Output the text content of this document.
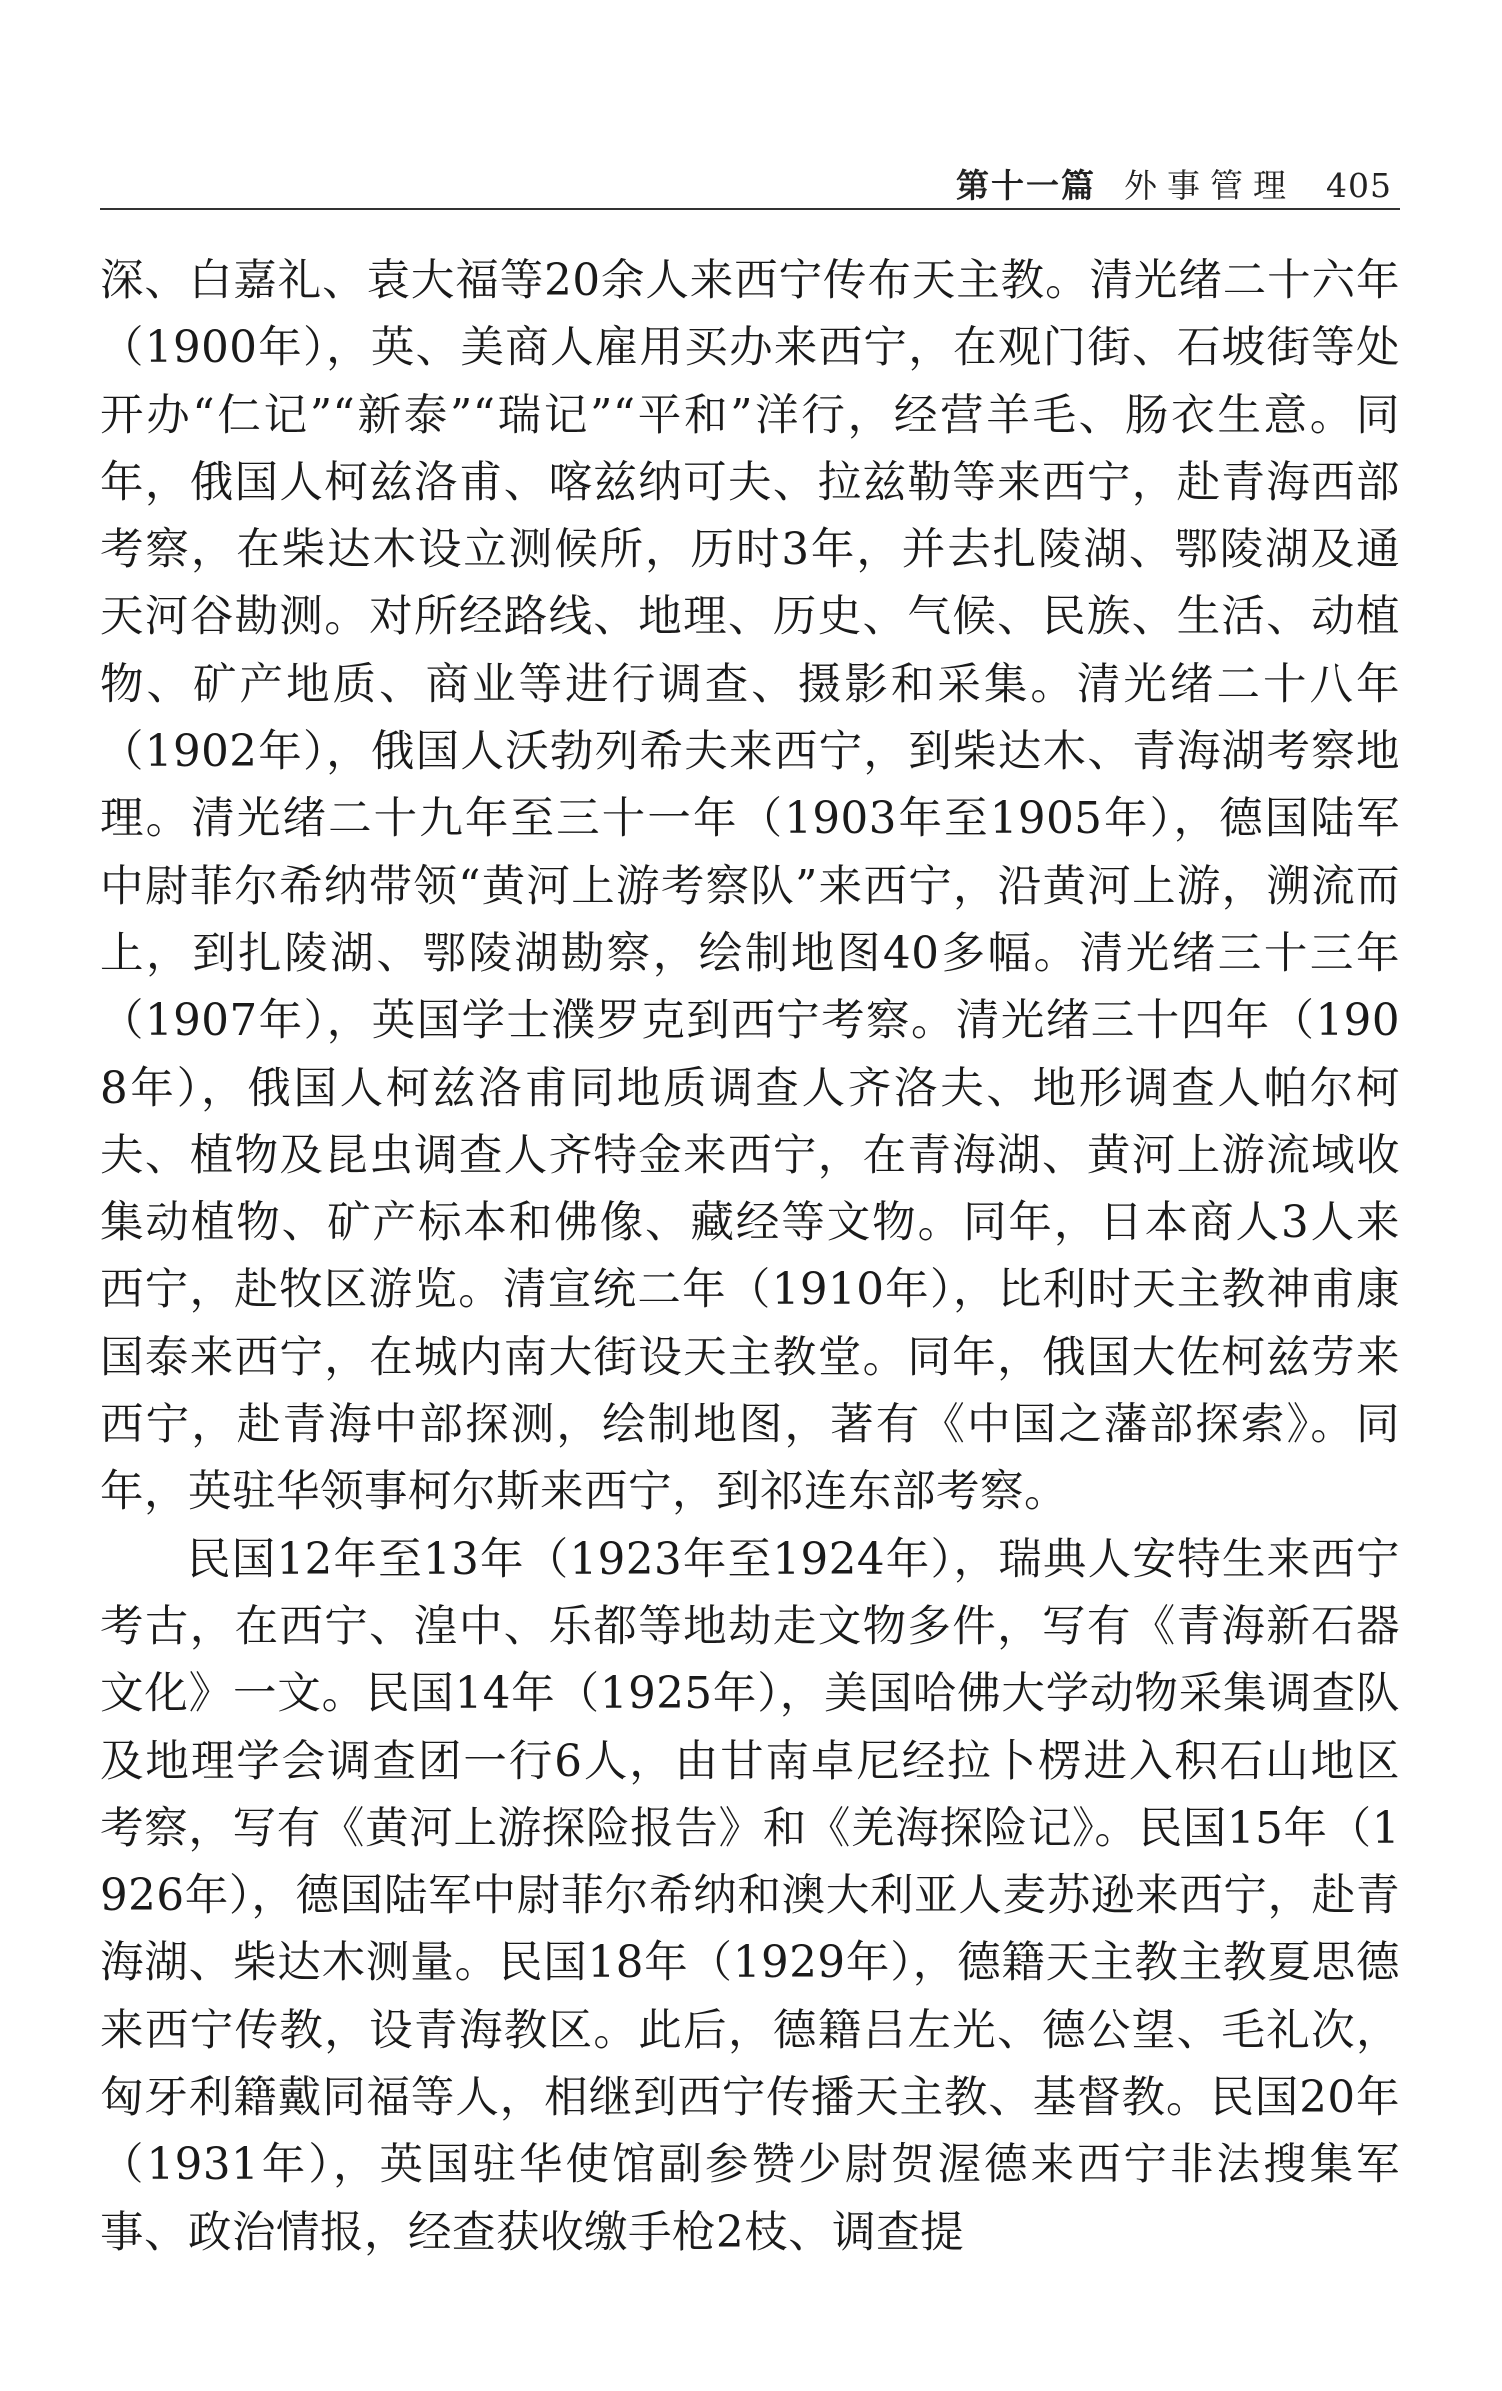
第十一篇 外事管理 405

深、白嘉礼、袁大福等20余人来西宁传布天主教。清光绪二十六年（1900年），英、美商人雇用买办来西宁，在观门街、石坡街等处开办“仁记”“新泰”“瑞记”“平和”洋行，经营羊毛、肠衣生意。同年，俄国人柯兹洛甫、喀兹纳可夫、拉兹勒等来西宁，赴青海西部考察，在柴达木设立测候所，历时3年，并去扎陵湖、鄂陵湖及通天河谷勘测。对所经路线、地理、历史、气候、民族、生活、动植物、矿产地质、商业等进行调查、摄影和采集。清光绪二十八年（1902年），俄国人沃勃列希夫来西宁，到柴达木、青海湖考察地理。清光绪二十九年至三十一年（1903年至1905年），德国陆军中尉菲尔希纳带领“黄河上游考察队”来西宁，沿黄河上游，溯流而上，到扎陵湖、鄂陵湖勘察，绘制地图40多幅。清光绪三十三年（1907年），英国学士濮罗克到西宁考察。清光绪三十四年（1908年），俄国人柯兹洛甫同地质调查人齐洛夫、地形调查人帕尔柯夫、植物及昆虫调查人齐特金来西宁，在青海湖、黄河上游流域收集动植物、矿产标本和佛像、藏经等文物。同年，日本商人3人来西宁，赴牧区游览。清宣统二年（1910年），比利时天主教神甫康国泰来西宁，在城内南大街设天主教堂。同年，俄国大佐柯兹劳来西宁，赴青海中部探测，绘制地图，著有《中国之藩部探索》。同年，英驻华领事柯尔斯来西宁，到祁连东部考察。

民国12年至13年（1923年至1924年），瑞典人安特生来西宁考古，在西宁、湟中、乐都等地劫走文物多件，写有《青海新石器文化》一文。民国14年（1925年），美国哈佛大学动物采集调查队及地理学会调查团一行6人，由甘南卓尼经拉卜楞进入积石山地区考察，写有《黄河上游探险报告》和《羌海探险记》。民国15年（1926年），德国陆军中尉菲尔希纳和澳大利亚人麦苏逊来西宁，赴青海湖、柴达木测量。民国18年（1929年），德籍天主教主教夏思德来西宁传教，设青海教区。此后，德籍吕左光、德公望、毛礼次，匈牙利籍戴同福等人，相继到西宁传播天主教、基督教。民国20年（1931年），英国驻华使馆副参赞少尉贺渥德来西宁非法搜集军事、政治情报，经查获收缴手枪2枝、调查提
